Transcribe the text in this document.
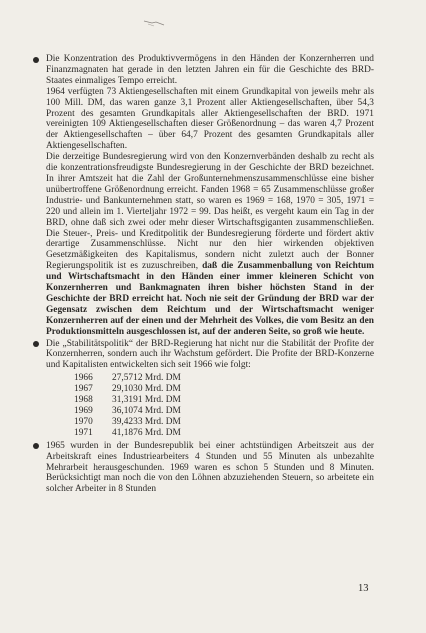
Die Konzentration des Produktivvermögens in den Händen der Konzernherren und Finanzmagnaten hat gerade in den letzten Jahren ein für die Geschichte des BRD-Staates einmaliges Tempo erreicht.

1964 verfügten 73 Aktiengesellschaften mit einem Grundkapital von jeweils mehr als 100 Mill. DM, das waren ganze 3,1 Prozent aller Aktiengesellschaften, über 54,3 Prozent des gesamten Grundkapitals aller Aktiengesellschaften der BRD. 1971 vereinigten 109 Aktiengesellschaften dieser Größenordnung – das waren 4,7 Prozent der Aktiengesellschaften – über 64,7 Prozent des gesamten Grundkapitals aller Aktiengesellschaften.

Die derzeitige Bundesregierung wird von den Konzernverbänden deshalb zu recht als die konzentrationsfreudigste Bundesregierung in der Geschichte der BRD bezeichnet. In ihrer Amtszeit hat die Zahl der Großunternehmenszusammenschlüsse eine bisher unübertroffene Größenordnung erreicht. Fanden 1968 = 65 Zusammenschlüsse großer Industrie- und Bankunternehmen statt, so waren es 1969 = 168, 1970 = 305, 1971 = 220 und allein im 1. Vierteljahr 1972 = 99. Das heißt, es vergeht kaum ein Tag in der BRD, ohne daß sich zwei oder mehr dieser Wirtschaftsgiganten zusammenschließen. Die Steuer-, Preis- und Kreditpolitik der Bundesregierung förderte und fördert aktiv derartige Zusammenschlüsse. Nicht nur den hier wirkenden objektiven Gesetzmäßigkeiten des Kapitalismus, sondern nicht zuletzt auch der Bonner Regierungspolitik ist es zuzuschreiben, daß die Zusammenballung von Reichtum und Wirtschaftsmacht in den Händen einer immer kleineren Schicht von Konzernherren und Bankmagnaten ihren bisher höchsten Stand in der Geschichte der BRD erreicht hat. Noch nie seit der Gründung der BRD war der Gegensatz zwischen dem Reichtum und der Wirtschaftsmacht weniger Konzernherren auf der einen und der Mehrheit des Volkes, die vom Besitz an den Produktionsmitteln ausgeschlossen ist, auf der anderen Seite, so groß wie heute.

Die „Stabilitätspolitik“ der BRD-Regierung hat nicht nur die Stabilität der Profite der Konzernherren, sondern auch ihr Wachstum gefördert. Die Profite der BRD-Konzerne und Kapitalisten entwickelten sich seit 1966 wie folgt:

1966	27,5712 Mrd. DM
1967	29,1030 Mrd. DM
1968	31,3191 Mrd. DM
1969	36,1074 Mrd. DM
1970	39,4233 Mrd. DM
1971	41,1876 Mrd. DM

1965 wurden in der Bundesrepublik bei einer achtstündigen Arbeitszeit aus der Arbeitskraft eines Industriearbeiters 4 Stunden und 55 Minuten als unbezahlte Mehrarbeit herausgeschunden. 1969 waren es schon 5 Stunden und 8 Minuten. Berücksichtigt man noch die von den Löhnen abzuziehenden Steuern, so arbeitete ein solcher Arbeiter in 8 Stunden

13
